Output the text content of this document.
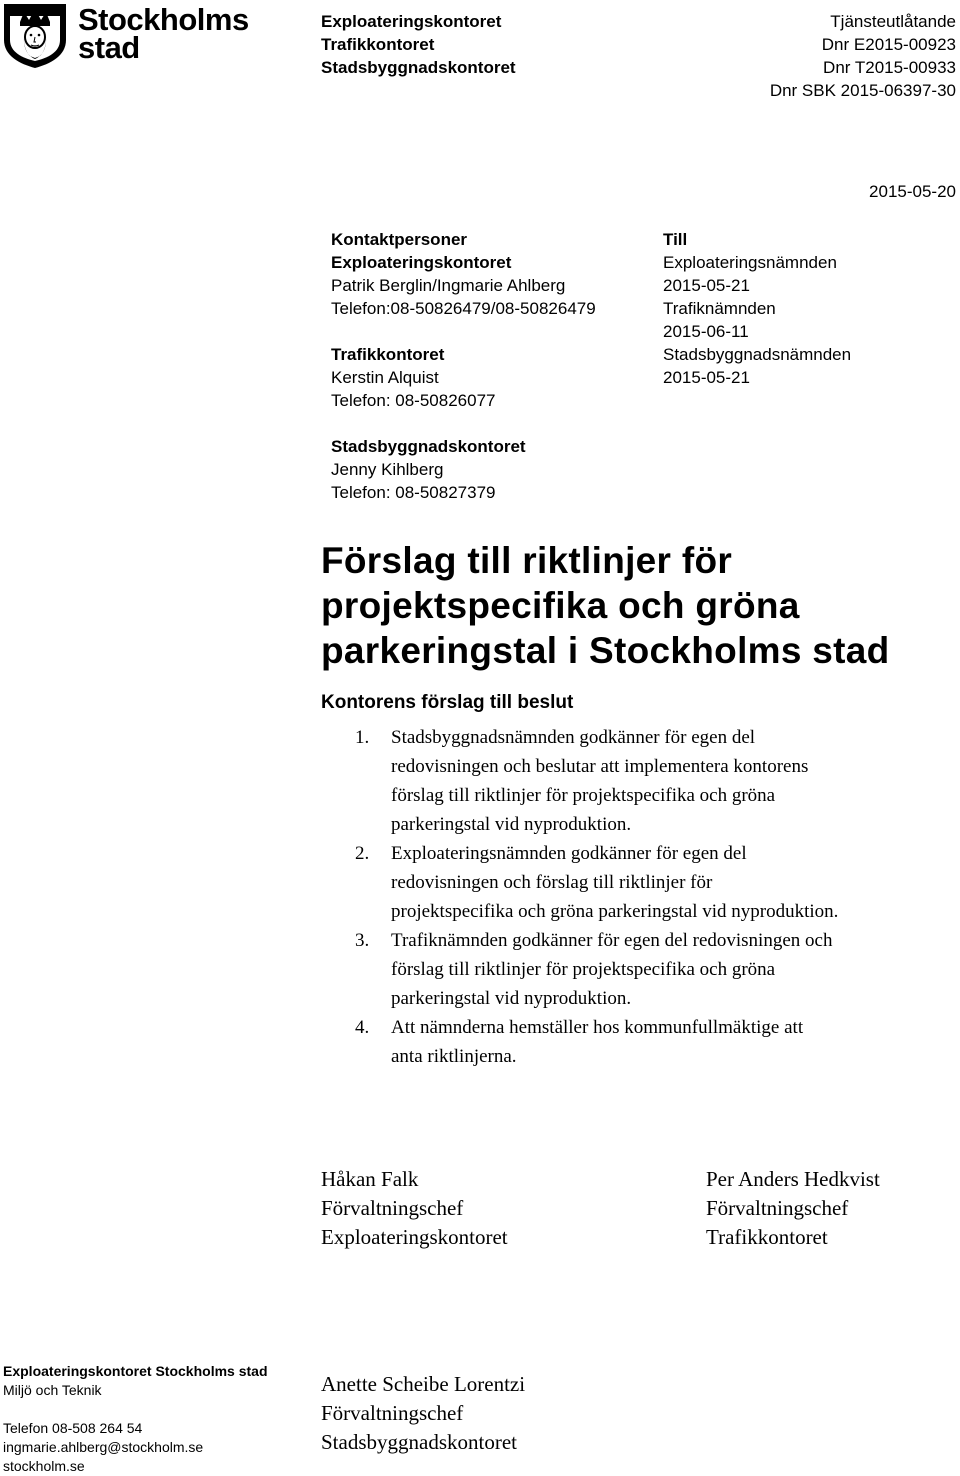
Stockholms
stad
Exploateringskontoret
Trafikkontoret
Stadsbyggnadskontoret
Tjänsteutlåtande
Dnr E2015-00923
Dnr T2015-00933
Dnr SBK 2015-06397-30
2015-05-20
Kontaktpersoner
Exploateringskontoret
Patrik Berglin/Ingmarie Ahlberg
Telefon:08-50826479/08-50826479
Trafikkontoret
Kerstin Alquist
Telefon: 08-50826077
Stadsbyggnadskontoret
Jenny Kihlberg
Telefon: 08-50827379
Till
Exploateringsnämnden
2015-05-21
Trafiknämnden
2015-06-11
Stadsbyggnadsnämnden
2015-05-21
Förslag till riktlinjer för
projektspecifika och gröna
parkeringstal i Stockholms stad
Kontorens förslag till beslut
1. Stadsbyggnadsnämnden godkänner för egen del
redovisningen och beslutar att implementera kontorens
förslag till riktlinjer för projektspecifika och gröna
parkeringstal vid nyproduktion.
2. Exploateringsnämnden godkänner för egen del
redovisningen och förslag till riktlinjer för
projektspecifika och gröna parkeringstal vid nyproduktion.
3. Trafiknämnden godkänner för egen del redovisningen och
förslag till riktlinjer för projektspecifika och gröna
parkeringstal vid nyproduktion.
4. Att nämnderna hemställer hos kommunfullmäktige att
anta riktlinjerna.
Håkan Falk
Förvaltningschef
Exploateringskontoret
Per Anders Hedkvist
Förvaltningschef
Trafikkontoret
Anette Scheibe Lorentzi
Förvaltningschef
Stadsbyggnadskontoret
Exploateringskontoret Stockholms stad
Miljö och Teknik
Telefon 08-508 264 54
ingmarie.ahlberg@stockholm.se
stockholm.se
